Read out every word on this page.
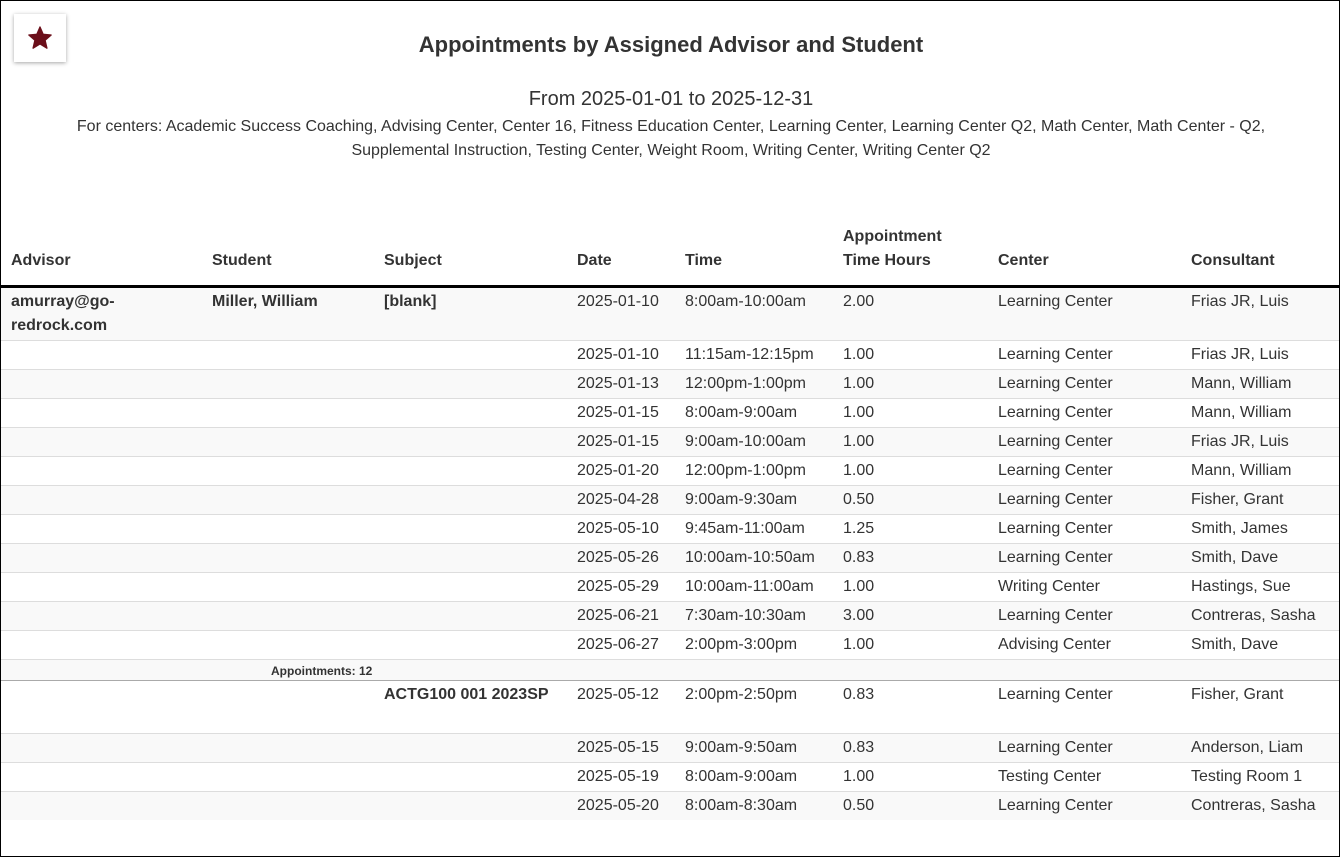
Appointments by Assigned Advisor and Student
From 2025-01-01 to 2025-12-31
For centers: Academic Success Coaching, Advising Center, Center 16, Fitness Education Center, Learning Center, Learning Center Q2, Math Center, Math Center - Q2, Supplemental Instruction, Testing Center, Weight Room, Writing Center, Writing Center Q2
Advisor	Student	Subject	Date	Time	Appointment Time Hours	Center	Consultant
amurray@go-redrock.com	Miller, William	[blank]	2025-01-10	8:00am-10:00am	2.00	Learning Center	Frias JR, Luis
			2025-01-10	11:15am-12:15pm	1.00	Learning Center	Frias JR, Luis
			2025-01-13	12:00pm-1:00pm	1.00	Learning Center	Mann, William
			2025-01-15	8:00am-9:00am	1.00	Learning Center	Mann, William
			2025-01-15	9:00am-10:00am	1.00	Learning Center	Frias JR, Luis
			2025-01-20	12:00pm-1:00pm	1.00	Learning Center	Mann, William
			2025-04-28	9:00am-9:30am	0.50	Learning Center	Fisher, Grant
			2025-05-10	9:45am-11:00am	1.25	Learning Center	Smith, James
			2025-05-26	10:00am-10:50am	0.83	Learning Center	Smith, Dave
			2025-05-29	10:00am-11:00am	1.00	Writing Center	Hastings, Sue
			2025-06-21	7:30am-10:30am	3.00	Learning Center	Contreras, Sasha
			2025-06-27	2:00pm-3:00pm	1.00	Advising Center	Smith, Dave
Appointments: 12							
		ACTG100 001 2023SP	2025-05-12	2:00pm-2:50pm	0.83	Learning Center	Fisher, Grant
			2025-05-15	9:00am-9:50am	0.83	Learning Center	Anderson, Liam
			2025-05-19	8:00am-9:00am	1.00	Testing Center	Testing Room 1
			2025-05-20	8:00am-8:30am	0.50	Learning Center	Contreras, Sasha
